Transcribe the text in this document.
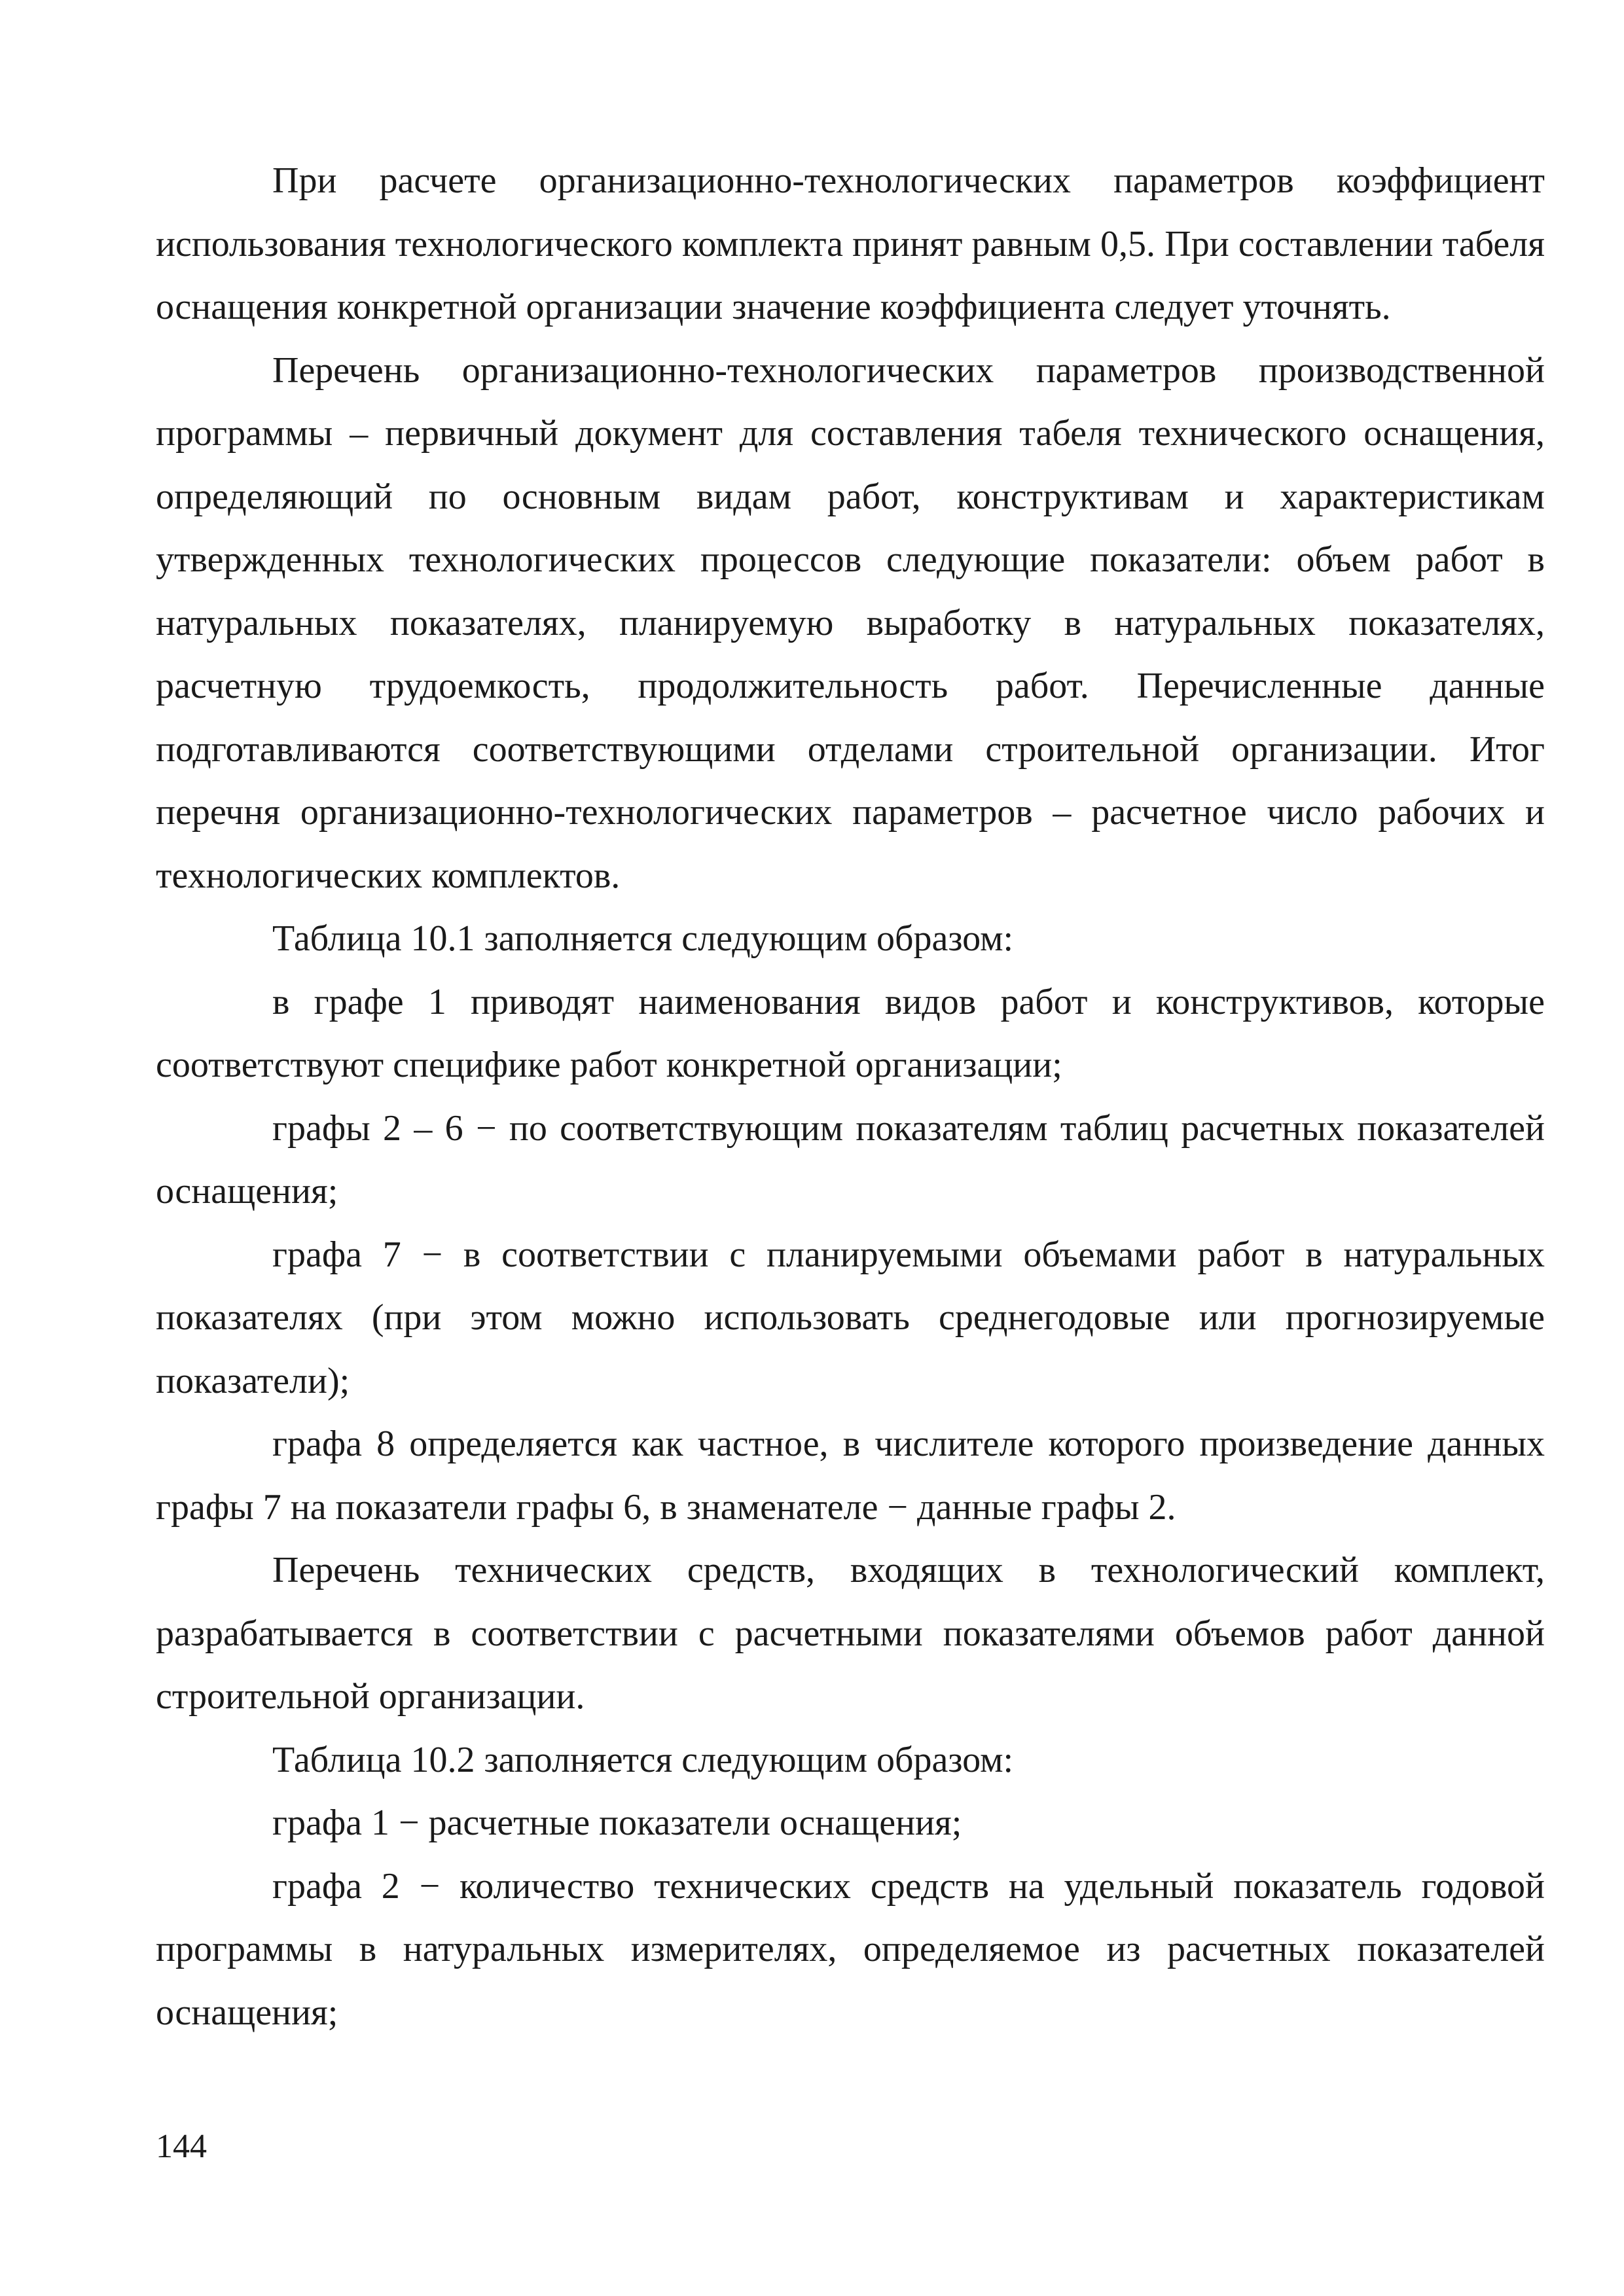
При расчете организационно-технологических параметров коэффициент использования технологического комплекта принят равным 0,5. При составлении табеля оснащения конкретной организации значение коэффициента следует уточнять.

Перечень организационно-технологических параметров производственной программы – первичный документ для составления табеля технического оснащения, определяющий по основным видам работ, конструктивам и характеристикам утвержденных технологических процессов следующие показатели: объем работ в натуральных показателях, планируемую выработку в натуральных показателях, расчетную трудоемкость, продолжительность работ. Перечисленные данные подготавливаются соответствующими отделами строительной организации. Итог перечня организационно-технологических параметров – расчетное число рабочих и технологических комплектов.

Таблица 10.1 заполняется следующим образом:

в графе 1 приводят наименования видов работ и конструктивов, которые соответствуют специфике работ конкретной организации;

графы 2 – 6 − по соответствующим показателям таблиц расчетных показателей оснащения;

графа 7 − в соответствии с планируемыми объемами работ в натуральных показателях (при этом можно использовать среднегодовые или прогнозируемые показатели);

графа 8 определяется как частное, в числителе которого произведение данных графы 7 на показатели графы 6, в знаменателе − данные графы 2.

Перечень технических средств, входящих в технологический комплект, разрабатывается в соответствии с расчетными показателями объемов работ данной строительной организации.

Таблица 10.2 заполняется следующим образом:

графа 1 − расчетные показатели оснащения;

графа 2 − количество технических средств на удельный показатель годовой программы в натуральных измерителях, определяемое из расчетных показателей оснащения;

144
